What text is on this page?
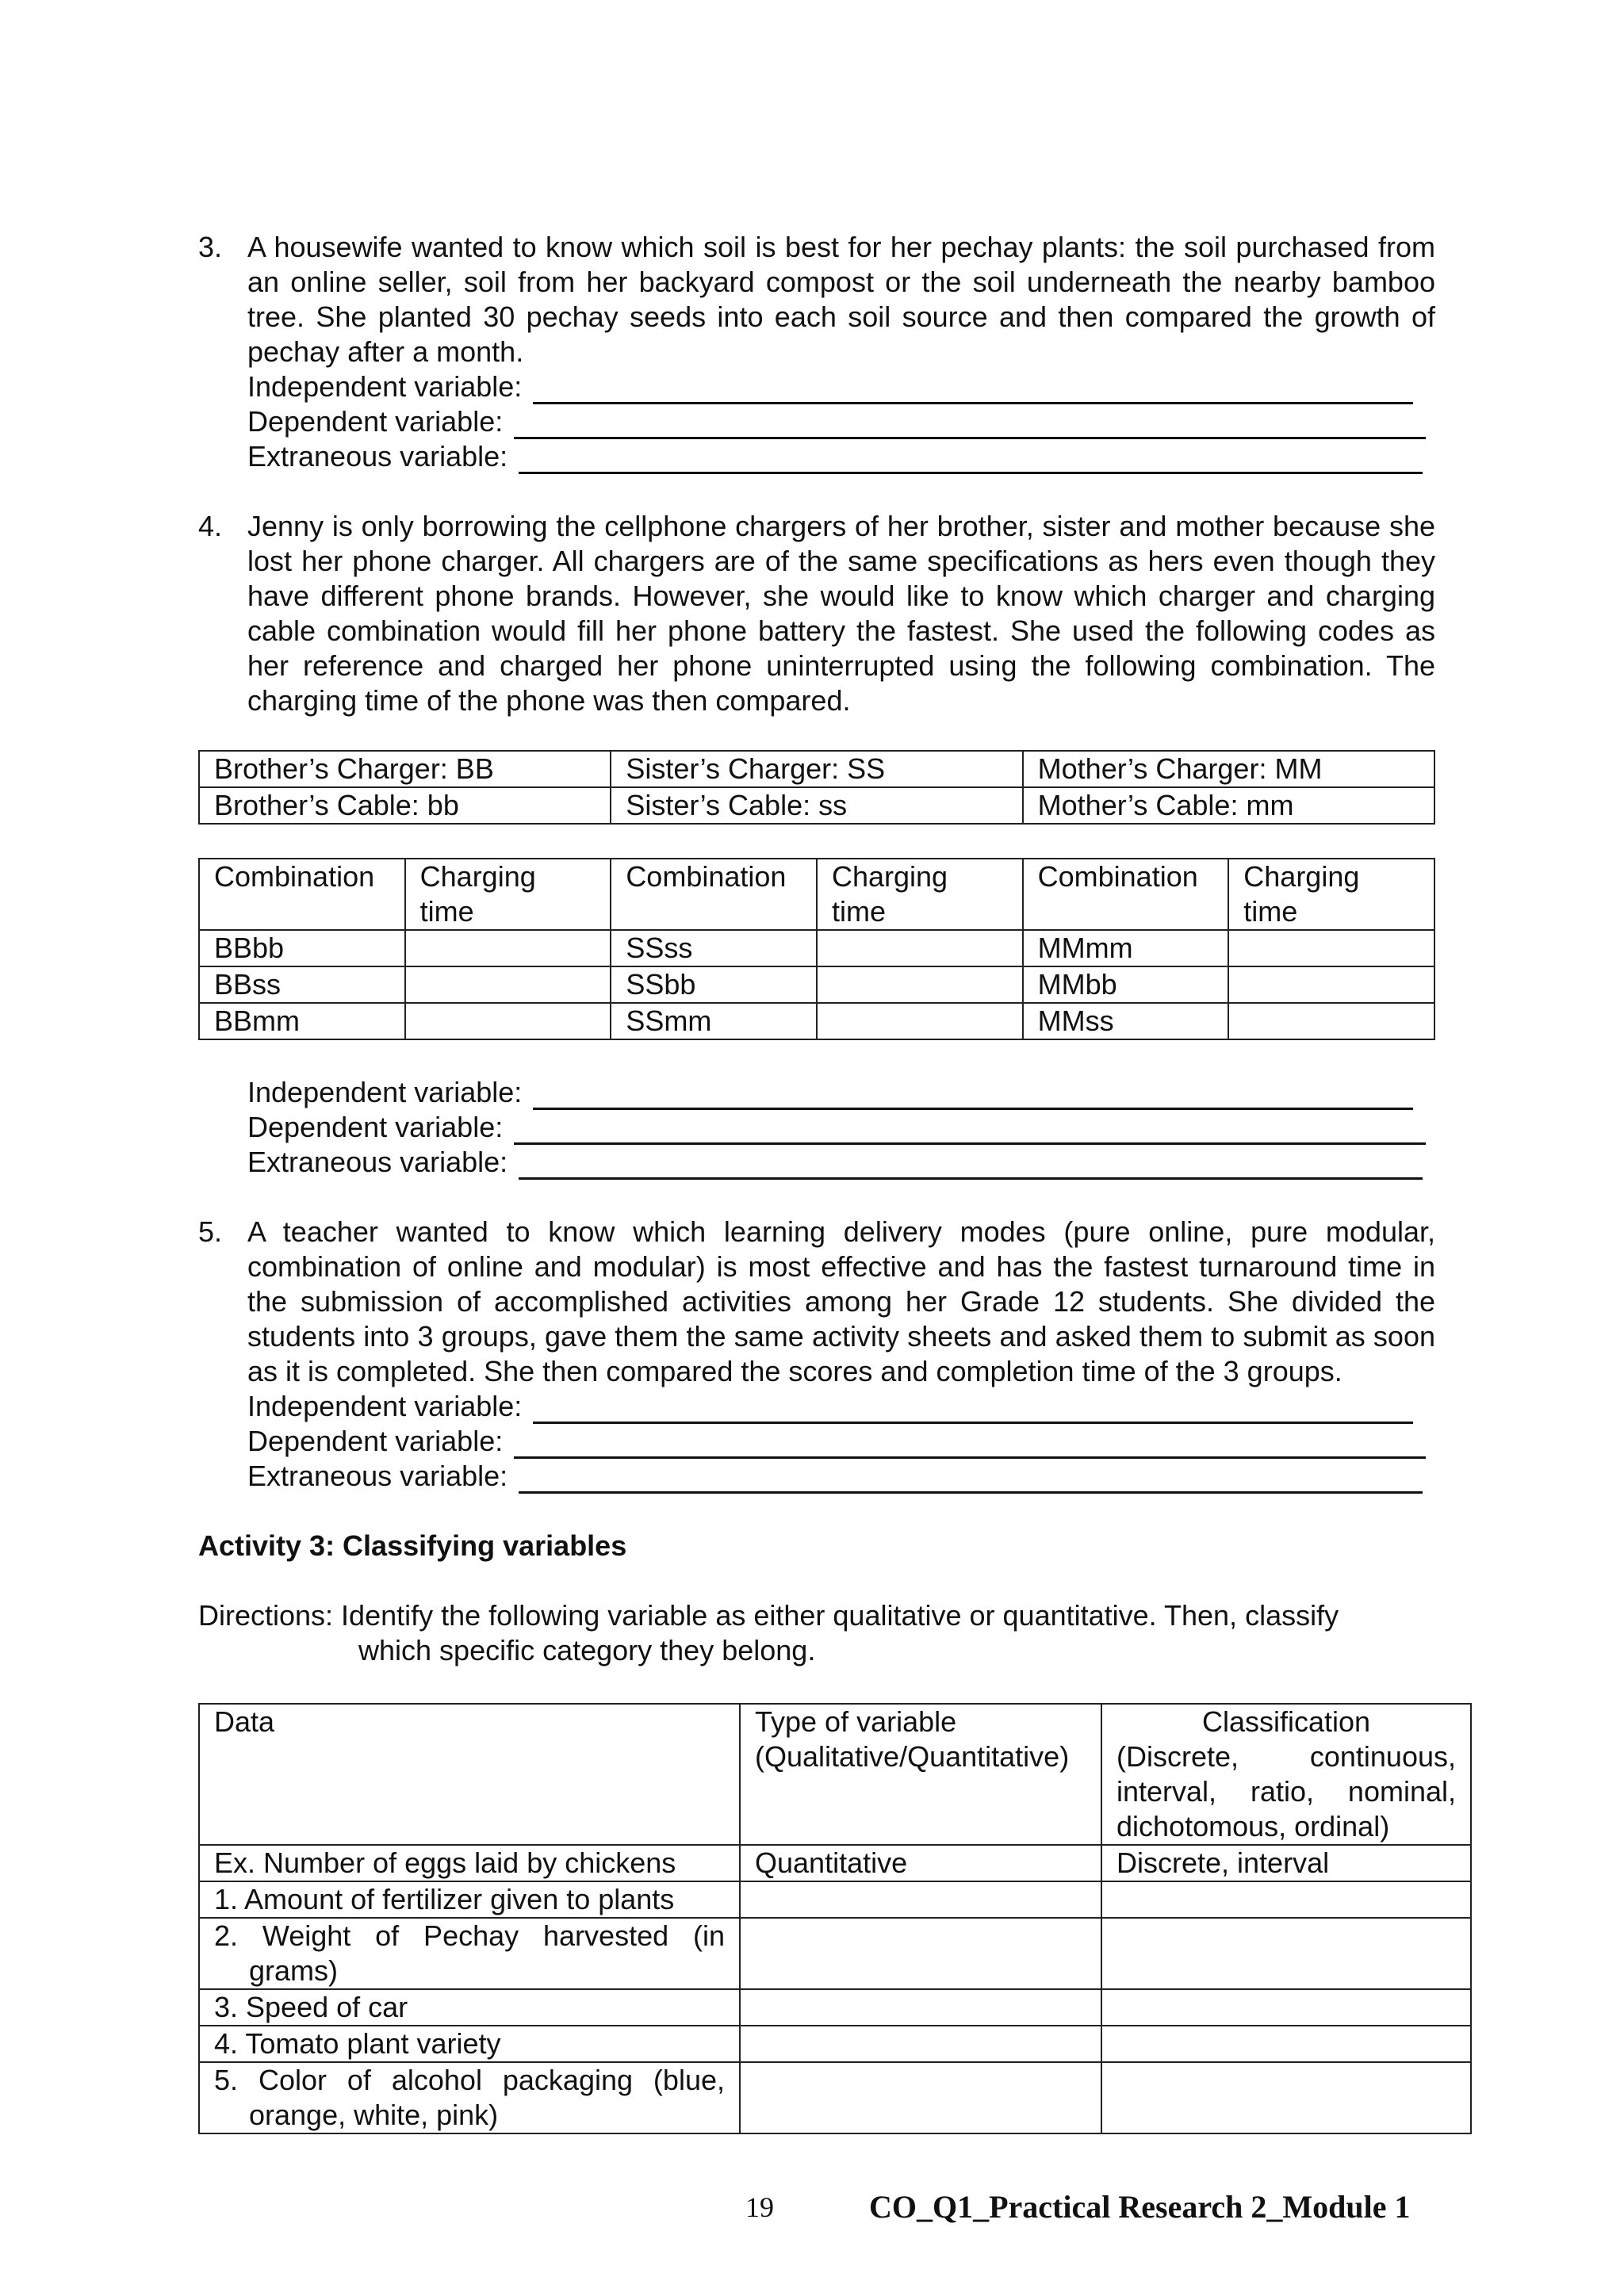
3. A housewife wanted to know which soil is best for her pechay plants: the soil purchased from an online seller, soil from her backyard compost or the soil underneath the nearby bamboo tree. She planted 30 pechay seeds into each soil source and then compared the growth of pechay after a month.

Independent variable:
Dependent variable:
Extraneous variable:
4. Jenny is only borrowing the cellphone chargers of her brother, sister and mother because she lost her phone charger. All chargers are of the same specifications as hers even though they have different phone brands. However, she would like to know which charger and charging cable combination would fill her phone battery the fastest. She used the following codes as her reference and charged her phone uninterrupted using the following combination. The charging time of the phone was then compared.

Brother’s Charger: BB	Sister’s Charger: SS	Mother’s Charger: MM
Brother’s Cable: bb	Sister’s Cable: ss	Mother’s Cable: mm
Combination	Charging time	Combination	Charging time	Combination	Charging time
BBbb		SSss		MMmm	
BBss		SSbb		MMbb	
BBmm		SSmm		MMss	
Independent variable:
Dependent variable:
Extraneous variable:
5. A teacher wanted to know which learning delivery modes (pure online, pure modular, combination of online and modular) is most effective and has the fastest turnaround time in the submission of accomplished activities among her Grade 12 students. She divided the students into 3 groups, gave them the same activity sheets and asked them to submit as soon as it is completed. She then compared the scores and completion time of the 3 groups.

Independent variable:
Dependent variable:
Extraneous variable:
Activity 3: Classifying variables
Directions: Identify the following variable as either qualitative or quantitative. Then, classify
which specific category they belong.
Data	Type of variable (Qualitative/Quantitative)	Classification
(Discrete, continuous, interval, ratio, nominal, dichotomous, ordinal)
Ex. Number of eggs laid by chickens	Quantitative	Discrete, interval
1. Amount of fertilizer given to plants		
2. Weight of Pechay harvested (in grams)		
3. Speed of car		
4. Tomato plant variety		
5. Color of alcohol packaging (blue, orange, white, pink)		
19	CO_Q1_Practical Research 2_Module 1
